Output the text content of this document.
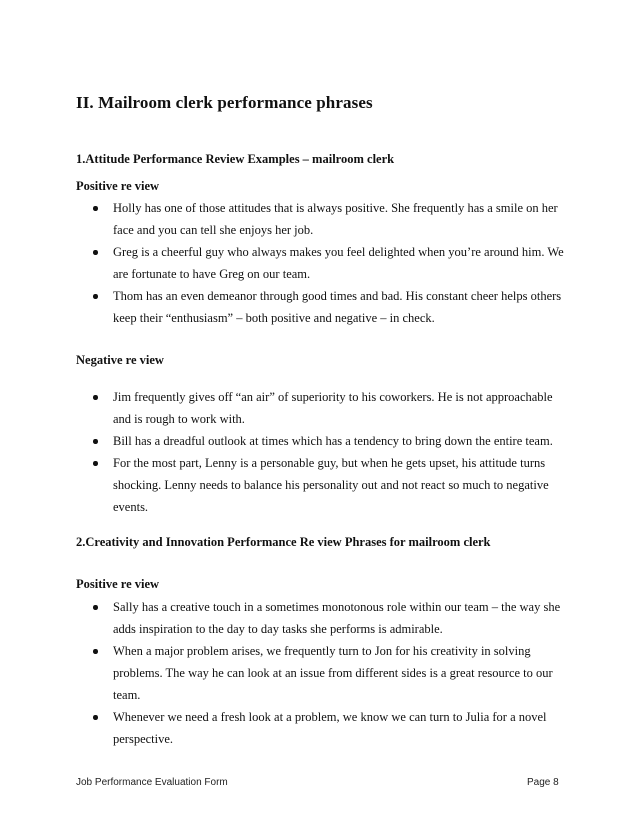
II. Mailroom clerk performance phrases
1.Attitude Performance Review Examples – mailroom clerk
Positive re view
Holly has one of those attitudes that is always positive. She frequently has a smile on her face and you can tell she enjoys her job.
Greg is a cheerful guy who always makes you feel delighted when you’re around him. We are fortunate to have Greg on our team.
Thom has an even demeanor through good times and bad. His constant cheer helps others keep their “enthusiasm” – both positive and negative – in check.
Negative re view
Jim frequently gives off “an air” of superiority to his coworkers. He is not approachable and is rough to work with.
Bill has a dreadful outlook at times which has a tendency to bring down the entire team.
For the most part, Lenny is a personable guy, but when he gets upset, his attitude turns shocking. Lenny needs to balance his personality out and not react so much to negative events.
2.Creativity and Innovation Performance Re view Phrases for mailroom clerk
Positive re view
Sally has a creative touch in a sometimes monotonous role within our team – the way she adds inspiration to the day to day tasks she performs is admirable.
When a major problem arises, we frequently turn to Jon for his creativity in solving problems. The way he can look at an issue from different sides is a great resource to our team.
Whenever we need a fresh look at a problem, we know we can turn to Julia for a novel perspective.
Job Performance Evaluation Form	Page 8
